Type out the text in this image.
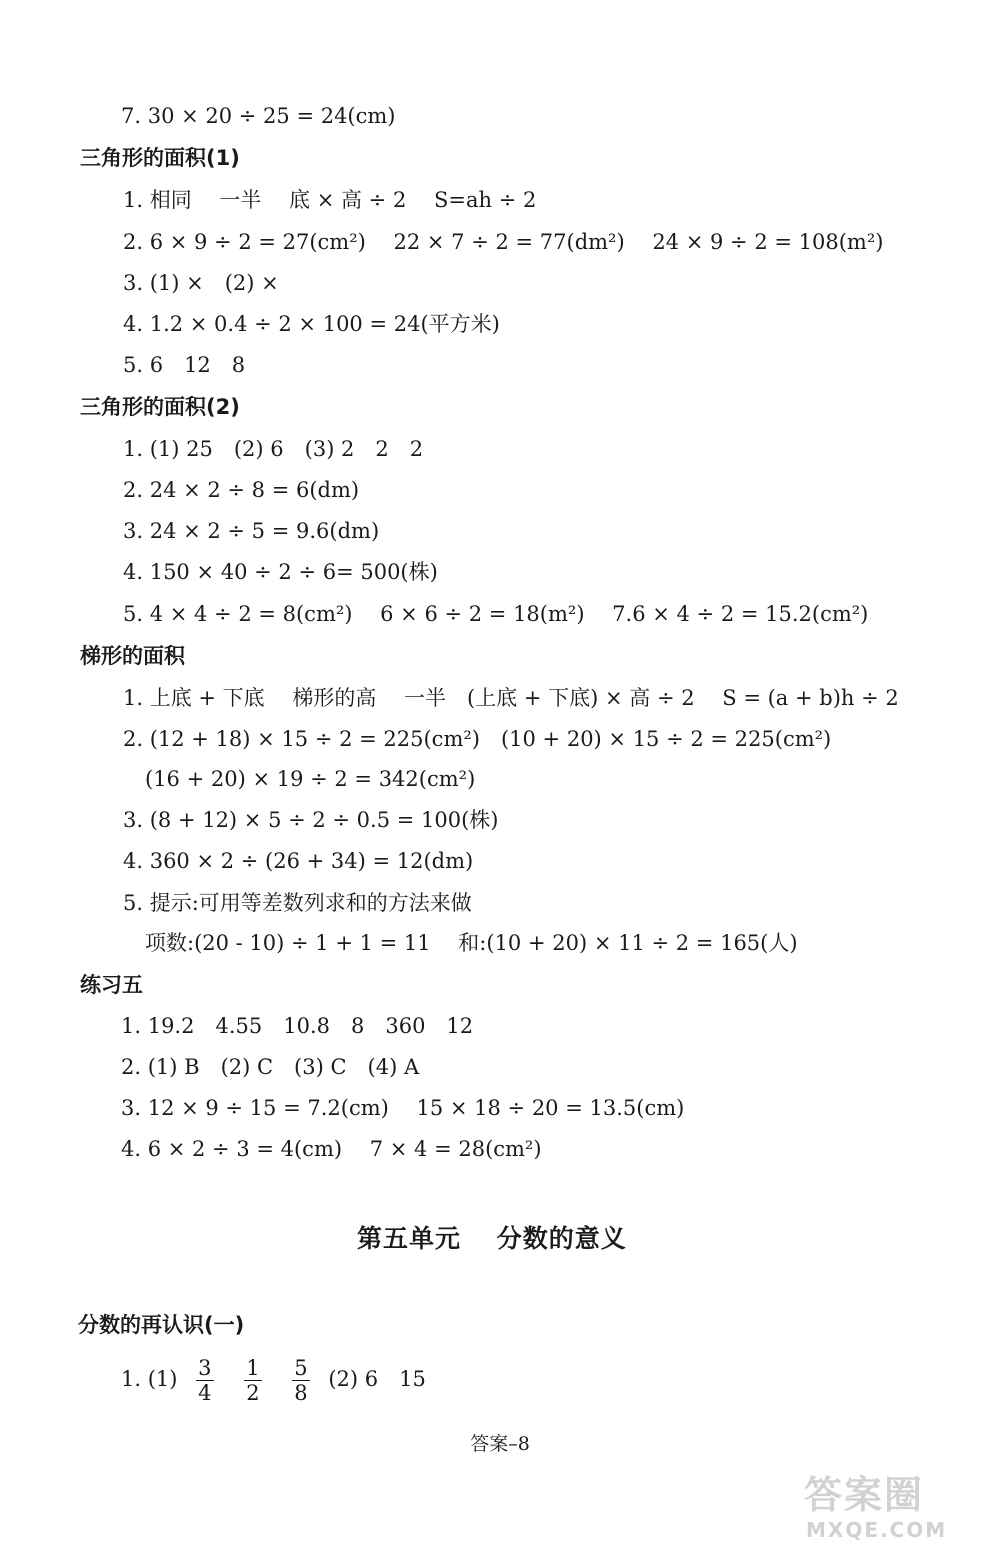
7. 30 × 20 ÷ 25 = 24(cm)
三角形的面积(1)
1. 相同　 一半　 底 × 高 ÷ 2　 S=ah ÷ 2
2. 6 × 9 ÷ 2 = 27(cm²)　 22 × 7 ÷ 2 = 77(dm²)　 24 × 9 ÷ 2 = 108(m²)
3. (1) ×　(2) ×
4. 1.2 × 0.4 ÷ 2 × 100 = 24(平方米)
5. 6　12　8
三角形的面积(2)
1. (1) 25　(2) 6　(3) 2　2　2
2. 24 × 2 ÷ 8 = 6(dm)
3. 24 × 2 ÷ 5 = 9.6(dm)
4. 150 × 40 ÷ 2 ÷ 6= 500(株)
5. 4 × 4 ÷ 2 = 8(cm²)　 6 × 6 ÷ 2 = 18(m²)　 7.6 × 4 ÷ 2 = 15.2(cm²)
梯形的面积
1. 上底 + 下底　 梯形的高　 一半　(上底 + 下底) × 高 ÷ 2　 S = (a + b)h ÷ 2
2. (12 + 18) × 15 ÷ 2 = 225(cm²)　(10 + 20) × 15 ÷ 2 = 225(cm²)
(16 + 20) × 19 ÷ 2 = 342(cm²)
3. (8 + 12) × 5 ÷ 2 ÷ 0.5 = 100(株)
4. 360 × 2 ÷ (26 + 34) = 12(dm)
5. 提示:可用等差数列求和的方法来做
项数:(20 - 10) ÷ 1 + 1 = 11　 和:(10 + 20) × 11 ÷ 2 = 165(人)
练习五
1. 19.2　4.55　10.8　8　360　12
2. (1) B　(2) C　(3) C　(4) A
3. 12 × 9 ÷ 15 = 7.2(cm)　 15 × 18 ÷ 20 = 13.5(cm)
4. 6 × 2 ÷ 3 = 4(cm)　 7 × 4 = 28(cm²)
第五单元　 分数的意义
分数的再认识(一)
1. $(1) \frac{3}{4}$
$\frac{1}{2}$
$\frac{5}{8} (2)$ 6　15
答案–8
答案圈
MXQE.COM
